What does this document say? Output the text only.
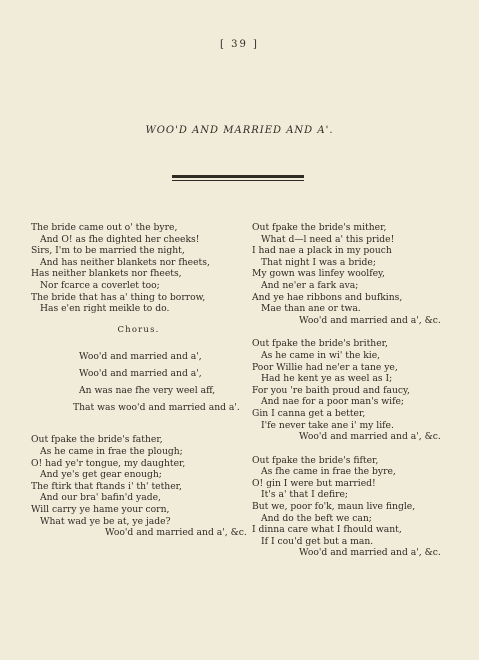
[ 39 ]
WOO'D AND MARRIED AND A'.
The bride came out o' the byre,
And O! as fhe dighted her cheeks!
Sirs, I'm to be married the night,
And has neither blankets nor fheets,
Has neither blankets nor fheets,
Nor fcarce a coverlet too;
The bride that has a' thing to borrow,
Has e'en right meikle to do.
Chorus.
Woo'd and married and a',
Woo'd and married and a',
An was nae fhe very weel aff,
That was woo'd and married and a'.
Out fpake the bride's father,
As he came in frae the plough;
O! had ye'r tongue, my daughter,
And ye's get gear enough;
The ftirk that ftands i' th' tether,
And our bra' bafin'd yade,
Will carry ye hame your corn,
What wad ye be at, ye jade?
Woo'd and married and a', &c.
Out fpake the bride's mither,
What d—l need a' this pride!
I had nae a plack in my pouch
That night I was a bride;
My gown was linfey woolfey,
And ne'er a fark ava;
And ye hae ribbons and bufkins,
Mae than ane or twa.
Woo'd and married and a', &c.
Out fpake the bride's brither,
As he came in wi' the kie,
Poor Willie had ne'er a tane ye,
Had he kent ye as weel as I;
For you 're baith proud and faucy,
And nae for a poor man's wife;
Gin I canna get a better,
I'fe never take ane i' my life.
Woo'd and married and a', &c.
Out fpake the bride's fifter,
As fhe came in frae the byre,
O! gin I were but married!
It's a' that I defire;
But we, poor fo'k, maun live fingle,
And do the beft we can;
I dinna care what I fhould want,
If I cou'd get but a man.
Woo'd and married and a', &c.
